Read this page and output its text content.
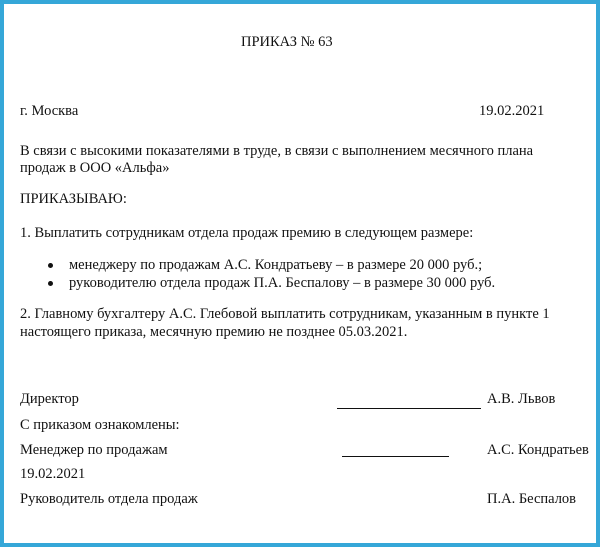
ПРИКАЗ № 63
г. Москва	19.02.2021
В связи с высокими показателями в труде, в связи с выполнением месячного плана
продаж в ООО «Альфа»
ПРИКАЗЫВАЮ:
1. Выплатить сотрудникам отдела продаж премию в следующем размере:
менеджеру по продажам А.С. Кондратьеву – в размере 20 000 руб.;
руководителю отдела продаж П.А. Беспалову – в размере 30 000 руб.
2. Главному бухгалтеру А.С. Глебовой выплатить сотрудникам, указанным в пункте 1
настоящего приказа, месячную премию не позднее 05.03.2021.
Директор	А.В. Львов
С приказом ознакомлены:
Менеджер по продажам	А.С. Кондратьев
19.02.2021
Руководитель отдела продаж	П.А. Беспалов
